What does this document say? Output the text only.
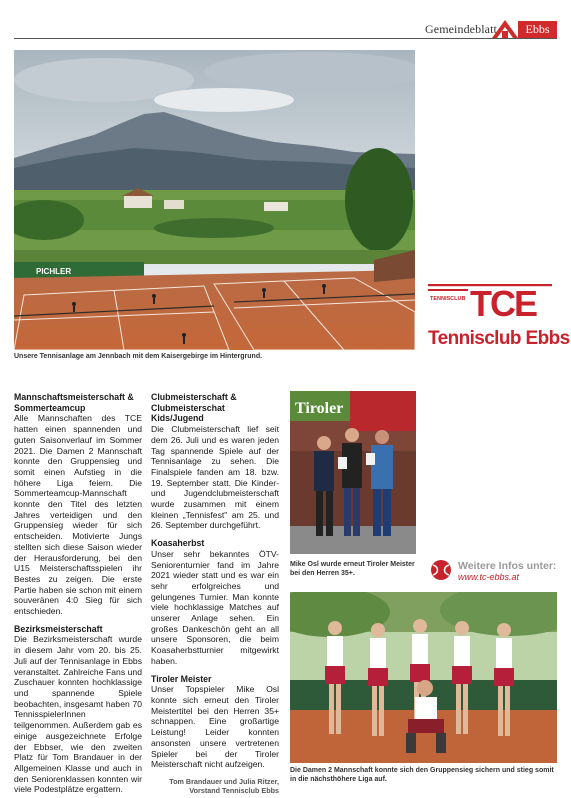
Gemeindeblatt	Ebbs
PICHLER
Unsere Tennisanlage am Jennbach mit dem Kaisergebirge im Hintergrund.
TENNISCLUB TCE
Tennisclub Ebbs
Mannschaftsmeisterschaft & Sommerteamcup

Alle Mannschaften des TCE hatten einen spannenden und guten Saisonverlauf im Sommer 2021. Die Damen 2 Mannschaft konnte den Gruppensieg und somit einen Aufstieg in die höhere Liga feiern. Die Sommerteamcup-Mannschaft konnte den Titel des letzten Jahres verteidigen und den Gruppensieg wieder für sich entscheiden. Motivierte Jungs stellten sich diese Saison wieder der Herausforderung, bei den U15 Meisterschaftsspielen ihr Bestes zu zeigen. Die erste Partie haben sie schon mit einem souveränen 4:0 Sieg für sich entschieden.

Bezirksmeisterschaft

Die Bezirksmeisterschaft wurde in diesem Jahr vom 20. bis 25. Juli auf der Tennisanlage in Ebbs veranstaltet. Zahlreiche Fans und Zuschauer konnten hochklassige und spannende Spiele beobachten, insgesamt haben 70 TennisspielerInnen teilgenommen. Außerdem gab es einige ausgezeichnete Erfolge der Ebbser, wie den zweiten Platz für Tom Brandauer in der Allgemeinen Klasse und auch in den Seniorenklassen konnten wir viele Podestplätze ergattern.

Clubmeisterschaft & Clubmeisterschat Kids/Jugend

Die Clubmeisterschaft lief seit dem 26. Juli und es waren jeden Tag spannende Spiele auf der Tennisanlage zu sehen. Die Finalspiele fanden am 18. bzw. 19. September statt. Die Kinder- und Jugendclubmeisterschaft wurde zusammen mit einem kleinen „Tennisfest" am 25. und 26. September durchgeführt.

Koasaherbst

Unser sehr bekanntes ÖTV-Seniorenturnier fand im Jahre 2021 wieder statt und es war ein sehr erfolgreiches und gelungenes Turnier. Man konnte viele hochklassige Matches auf unserer Anlage sehen. Ein großes Dankeschön geht an all unsere Sponsoren, die beim Koasaherbstturnier mitgewirkt haben.

Tiroler Meister

Unser Topspieler Mike Osl konnte sich erneut den Tiroler Meistertitel bei den Herren 35+ schnappen. Eine großartige Leistung! Leider konnten ansonsten unsere vertretenen Spieler bei der Tiroler Meisterschaft nicht aufzeigen.

Tom Brandauer und Julia Ritzer,
Vorstand Tennisclub Ebbs
Tiroler
Mike Osl wurde erneut Tiroler Meister bei den Herren 35+.
Weitere Infos unter:
www.tc-ebbs.at
Die Damen 2 Mannschaft konnte sich den Gruppensieg sichern und stieg somit in die nächsthöhere Liga auf.
